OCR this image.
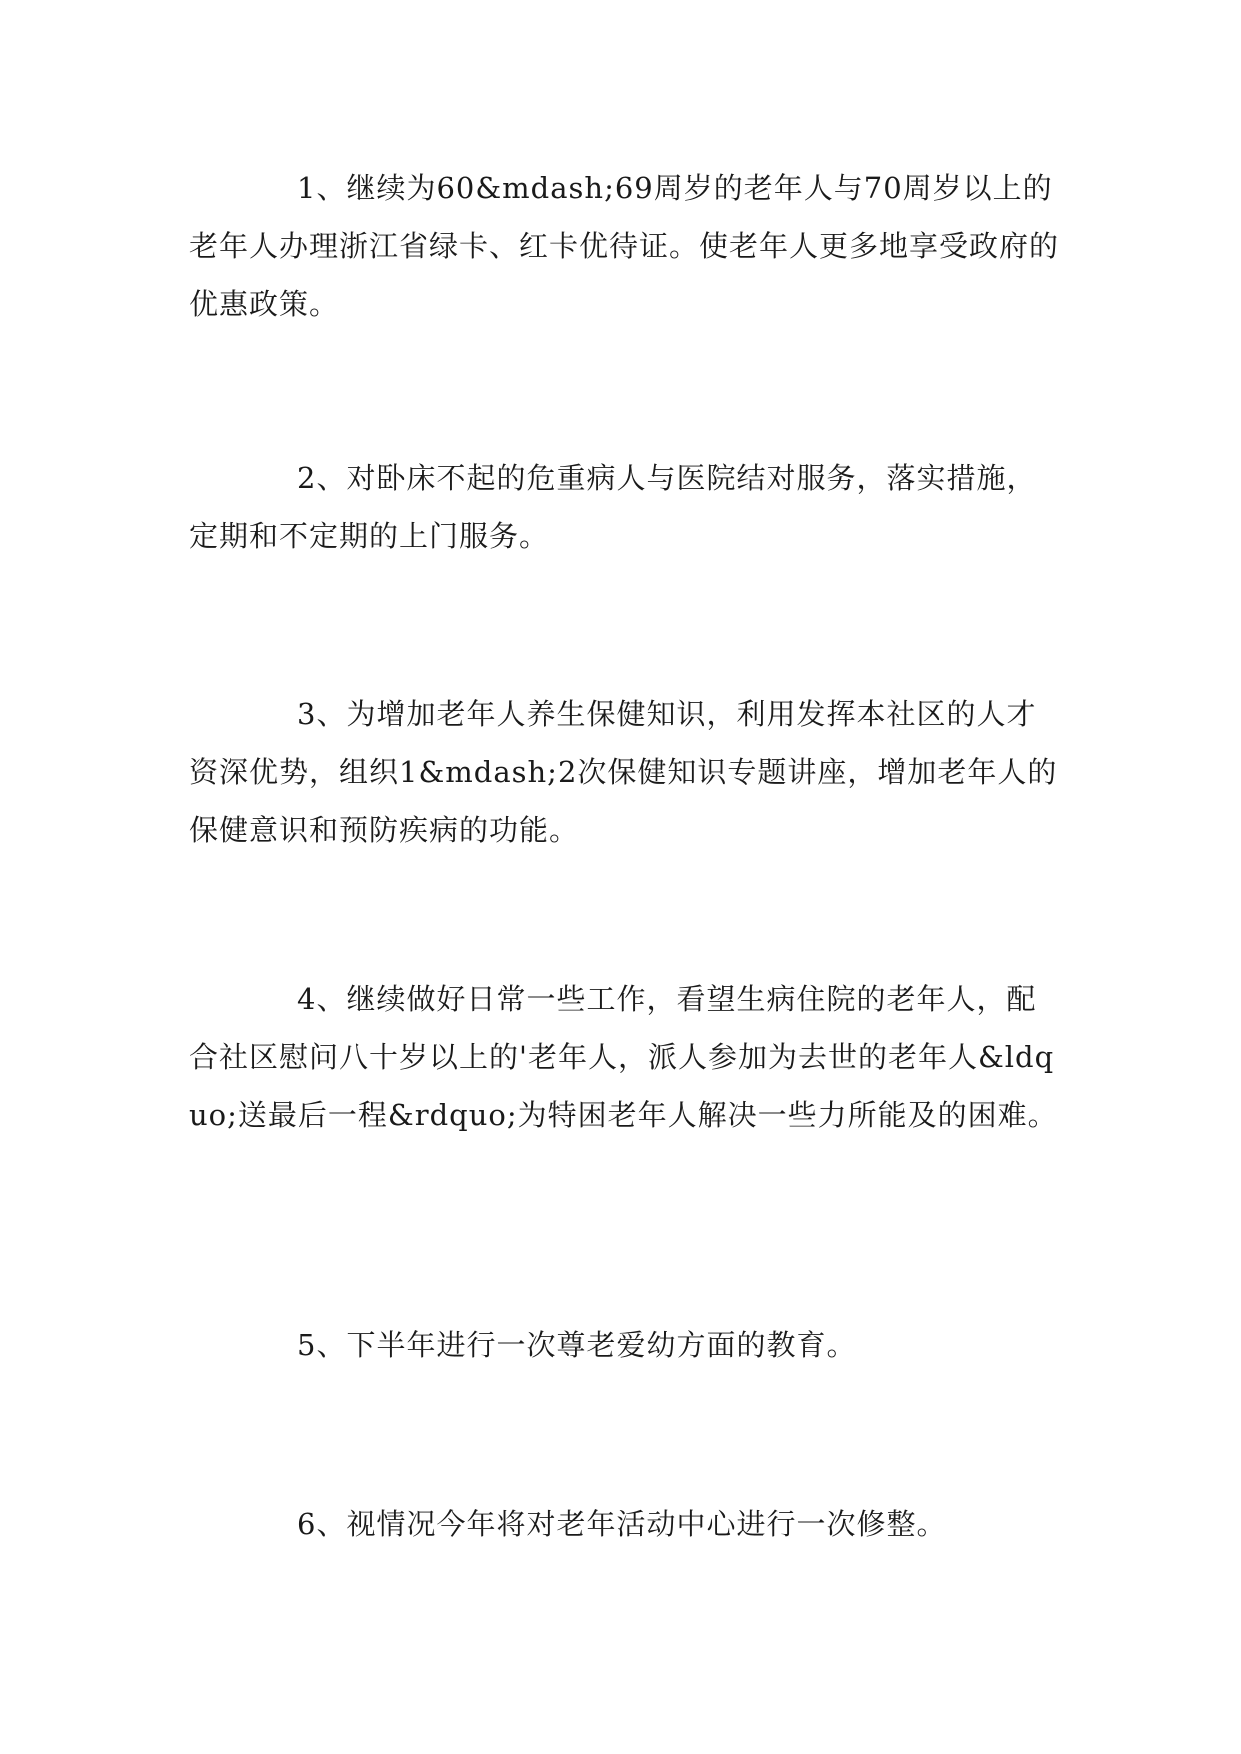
1、继续为60&mdash;69周岁的老年人与70周岁以上的老年人办理浙江省绿卡、红卡优待证。使老年人更多地享受政府的优惠政策。

2、对卧床不起的危重病人与医院结对服务，落实措施，定期和不定期的上门服务。

3、为增加老年人养生保健知识，利用发挥本社区的人才资深优势，组织1&mdash;2次保健知识专题讲座，增加老年人的保健意识和预防疾病的功能。

4、继续做好日常一些工作，看望生病住院的老年人，配合社区慰问八十岁以上的'老年人，派人参加为去世的老年人&ldquo;送最后一程&rdquo;为特困老年人解决一些力所能及的困难。

5、下半年进行一次尊老爱幼方面的教育。

6、视情况今年将对老年活动中心进行一次修整。
